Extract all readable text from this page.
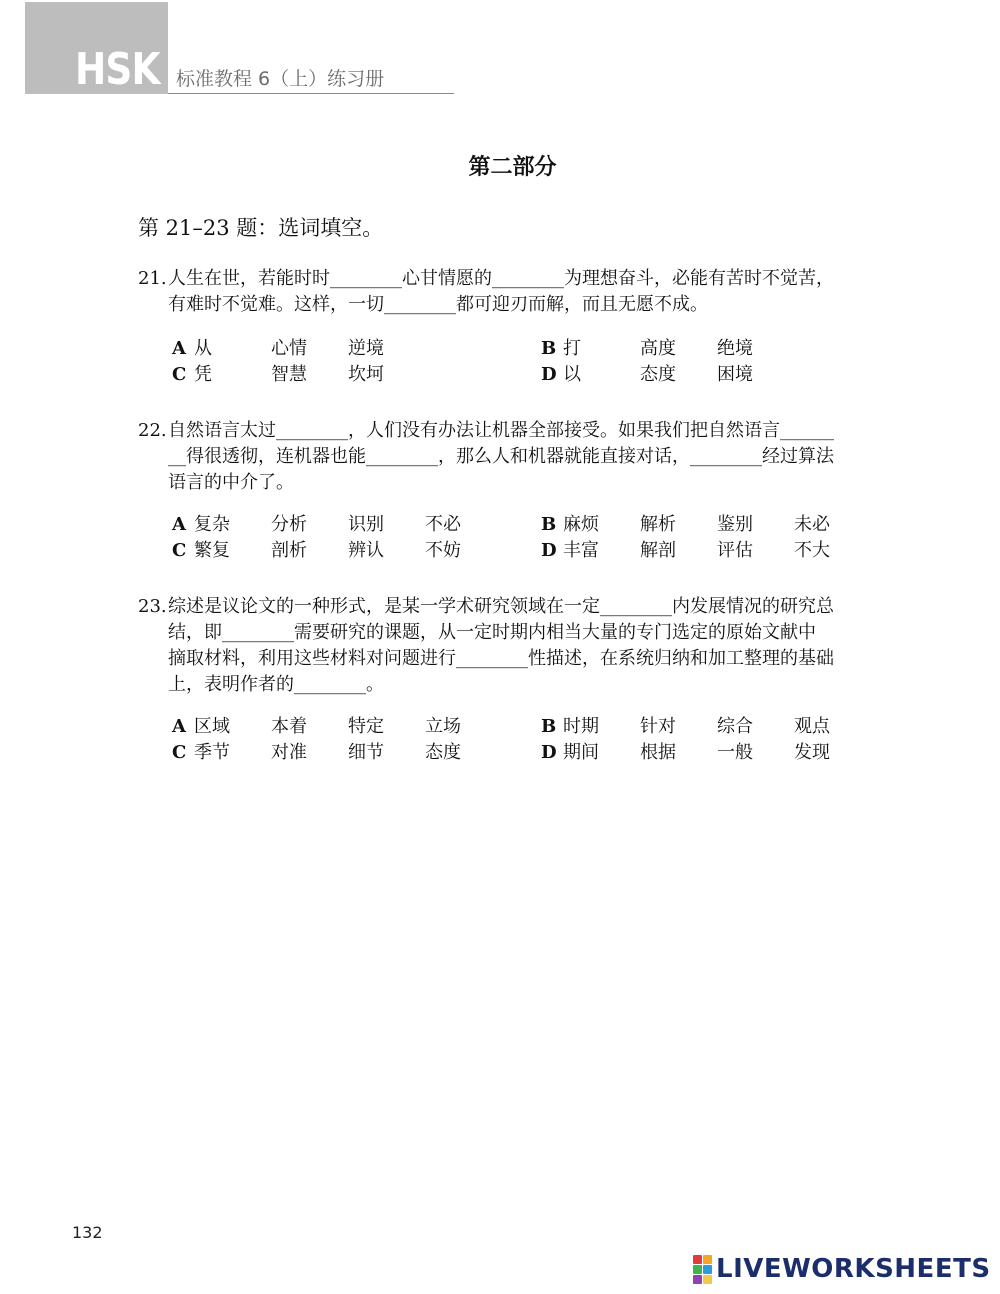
HSK 标准教程 6（上）练习册
第二部分
第 21–23 题：选词填空。
21.人生在世，若能时时________心甘情愿的________为理想奋斗，必能有苦时不觉苦，
有难时不觉难。这样，一切________都可迎刃而解，而且无愿不成。
A 从	心情 逆境	B 打	高度 绝境
C 凭	智慧 坎坷	D 以	态度 困境
22.自然语言太过________，人们没有办法让机器全部接受。如果我们把自然语言______
__得很透彻，连机器也能________，那么人和机器就能直接对话，________经过算法
语言的中介了。
A 复杂 分析 识别 不必	B 麻烦 解析 鉴别 未必
C 繁复 剖析 辨认 不妨	D 丰富 解剖 评估 不大
23.综述是议论文的一种形式，是某一学术研究领域在一定________内发展情况的研究总
结，即________需要研究的课题，从一定时期内相当大量的专门选定的原始文献中
摘取材料，利用这些材料对问题进行________性描述，在系统归纳和加工整理的基础
上，表明作者的________。
A 区域 本着 特定 立场	B 时期 针对 综合 观点
C 季节 对准 细节 态度	D 期间 根据 一般 发现
132
LIVEWORKSHEETS
